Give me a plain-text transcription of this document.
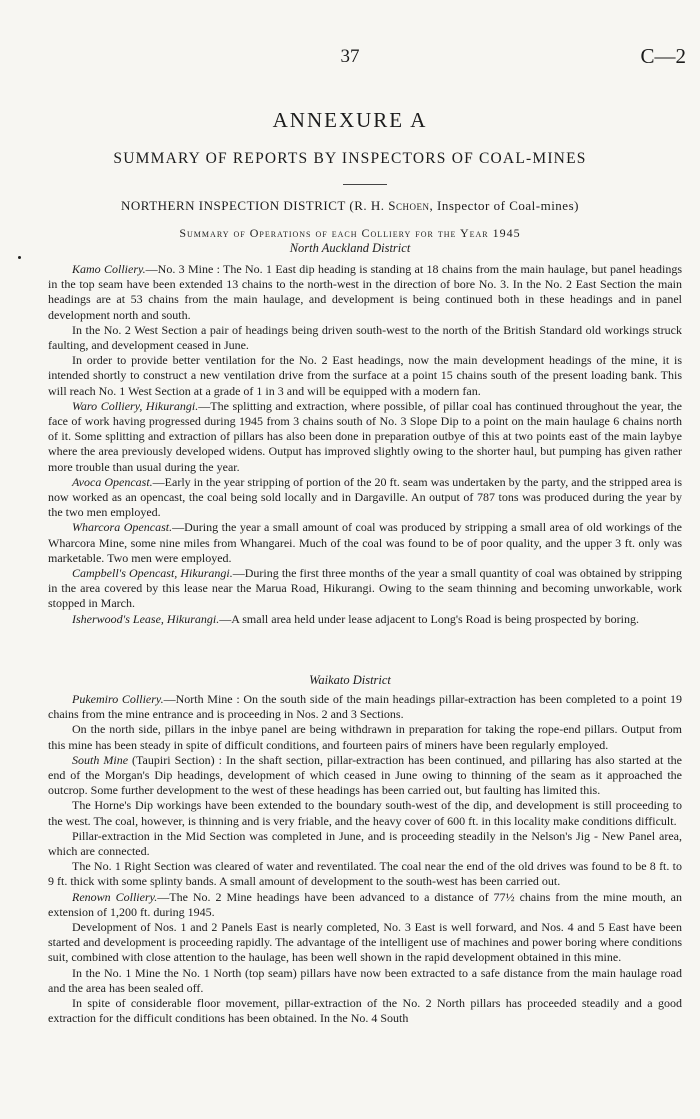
37	C—2
ANNEXURE A
SUMMARY OF REPORTS BY INSPECTORS OF COAL-MINES
NORTHERN INSPECTION DISTRICT (R. H. Schoen, Inspector of Coal-mines)
Summary of Operations of each Colliery for the Year 1945
North Auckland District

Kamo Colliery.—No. 3 Mine : The No. 1 East dip heading is standing at 18 chains from the main haulage, but panel headings in the top seam have been extended 13 chains to the north-west in the direction of bore No. 3. In the No. 2 East Section the main headings are at 53 chains from the main haulage, and development is being continued both in these headings and in panel development north and south.

In the No. 2 West Section a pair of headings being driven south-west to the north of the British Standard old workings struck faulting, and development ceased in June.

In order to provide better ventilation for the No. 2 East headings, now the main development headings of the mine, it is intended shortly to construct a new ventilation drive from the surface at a point 15 chains south of the present loading bank. This will reach No. 1 West Section at a grade of 1 in 3 and will be equipped with a modern fan.

Waro Colliery, Hikurangi.—The splitting and extraction, where possible, of pillar coal has continued throughout the year, the face of work having progressed during 1945 from 3 chains south of No. 3 Slope Dip to a point on the main haulage 6 chains north of it. Some splitting and extraction of pillars has also been done in preparation outbye of this at two points east of the main laybye where the area previously developed widens. Output has improved slightly owing to the shorter haul, but pumping has given rather more trouble than usual during the year.

Avoca Opencast.—Early in the year stripping of portion of the 20 ft. seam was undertaken by the party, and the stripped area is now worked as an opencast, the coal being sold locally and in Dargaville. An output of 787 tons was produced during the year by the two men employed.

Wharcora Opencast.—During the year a small amount of coal was produced by stripping a small area of old workings of the Wharcora Mine, some nine miles from Whangarei. Much of the coal was found to be of poor quality, and the upper 3 ft. only was marketable. Two men were employed.

Campbell's Opencast, Hikurangi.—During the first three months of the year a small quantity of coal was obtained by stripping in the area covered by this lease near the Marua Road, Hikurangi. Owing to the seam thinning and becoming unworkable, work stopped in March.

Isherwood's Lease, Hikurangi.—A small area held under lease adjacent to Long's Road is being prospected by boring.

Waikato District

Pukemiro Colliery.—North Mine : On the south side of the main headings pillar-extraction has been completed to a point 19 chains from the mine entrance and is proceeding in Nos. 2 and 3 Sections.

On the north side, pillars in the inbye panel are being withdrawn in preparation for taking the rope-end pillars. Output from this mine has been steady in spite of difficult conditions, and fourteen pairs of miners have been regularly employed.

South Mine (Taupiri Section) : In the shaft section, pillar-extraction has been continued, and pillaring has also started at the end of the Morgan's Dip headings, development of which ceased in June owing to thinning of the seam as it approached the outcrop. Some further development to the west of these headings has been carried out, but faulting has limited this.

The Horne's Dip workings have been extended to the boundary south-west of the dip, and development is still proceeding to the west. The coal, however, is thinning and is very friable, and the heavy cover of 600 ft. in this locality make conditions difficult.

Pillar-extraction in the Mid Section was completed in June, and is proceeding steadily in the Nelson's Jig - New Panel area, which are connected.

The No. 1 Right Section was cleared of water and reventilated. The coal near the end of the old drives was found to be 8 ft. to 9 ft. thick with some splinty bands. A small amount of development to the south-west has been carried out.

Renown Colliery.—The No. 2 Mine headings have been advanced to a distance of 77½ chains from the mine mouth, an extension of 1,200 ft. during 1945.

Development of Nos. 1 and 2 Panels East is nearly completed, No. 3 East is well forward, and Nos. 4 and 5 East have been started and development is proceeding rapidly. The advantage of the intelligent use of machines and power boring where conditions suit, combined with close attention to the haulage, has been well shown in the rapid development obtained in this mine.

In the No. 1 Mine the No. 1 North (top seam) pillars have now been extracted to a safe distance from the main haulage road and the area has been sealed off.

In spite of considerable floor movement, pillar-extraction of the No. 2 North pillars has proceeded steadily and a good extraction for the difficult conditions has been obtained. In the No. 4 South
